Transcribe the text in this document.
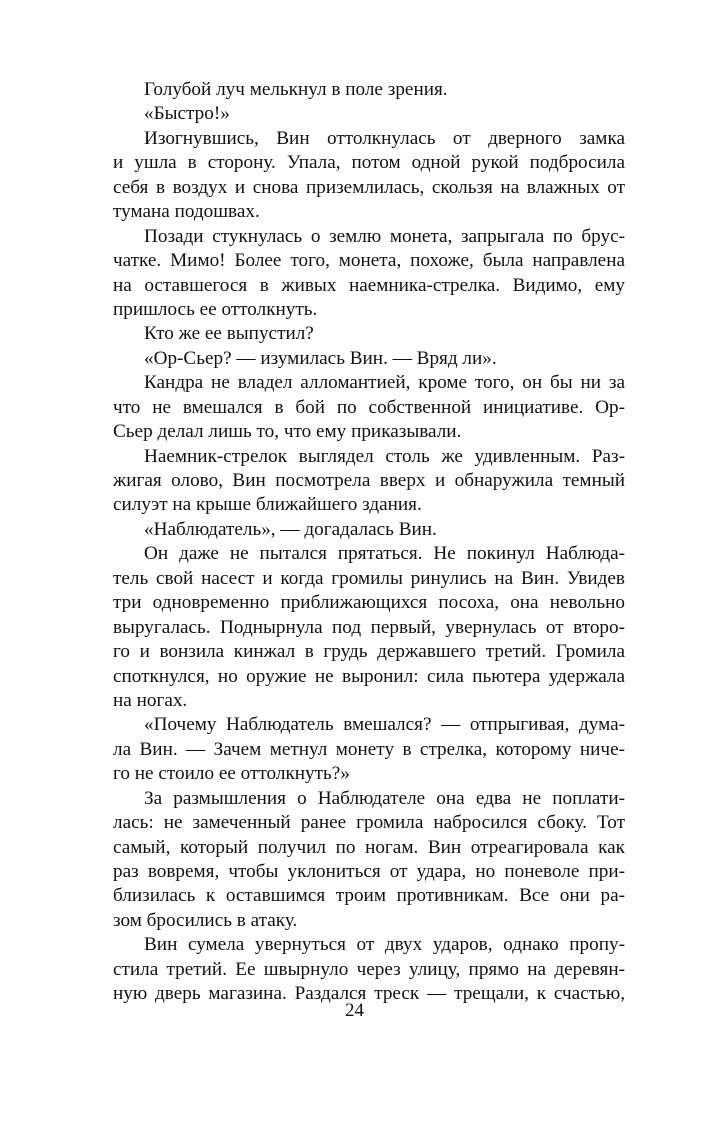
Голубой луч мелькнул в поле зрения.
«Быстро!»
Изогнувшись, Вин оттолкнулась от дверного замка
и ушла в сторону. Упала, потом одной рукой подбросила
себя в воздух и снова приземлилась, скользя на влажных от
тумана подошвах.
Позади стукнулась о землю монета, запрыгала по брус-
чатке. Мимо! Более того, монета, похоже, была направлена
на оставшегося в живых наемника-стрелка. Видимо, ему
пришлось ее оттолкнуть.
Кто же ее выпустил?
«Ор-Сьер? — изумилась Вин. — Вряд ли».
Кандра не владел алломантией, кроме того, он бы ни за
что не вмешался в бой по собственной инициативе. Ор-
Сьер делал лишь то, что ему приказывали.
Наемник-стрелок выглядел столь же удивленным. Раз-
жигая олово, Вин посмотрела вверх и обнаружила темный
силуэт на крыше ближайшего здания.
«Наблюдатель», — догадалась Вин.
Он даже не пытался прятаться. Не покинул Наблюда-
тель свой насест и когда громилы ринулись на Вин. Увидев
три одновременно приближающихся посоха, она невольно
выругалась. Поднырнула под первый, увернулась от второ-
го и вонзила кинжал в грудь державшего третий. Громила
споткнулся, но оружие не выронил: сила пьютера удержала
на ногах.
«Почему Наблюдатель вмешался? — отпрыгивая, дума-
ла Вин. — Зачем метнул монету в стрелка, которому ниче-
го не стоило ее оттолкнуть?»
За размышления о Наблюдателе она едва не поплати-
лась: не замеченный ранее громила набросился сбоку. Тот
самый, который получил по ногам. Вин отреагировала как
раз вовремя, чтобы уклониться от удара, но поневоле при-
близилась к оставшимся троим противникам. Все они ра-
зом бросились в атаку.
Вин сумела увернуться от двух ударов, однако пропу-
стила третий. Ее швырнуло через улицу, прямо на деревян-
ную дверь магазина. Раздался треск — трещали, к счастью,
24
